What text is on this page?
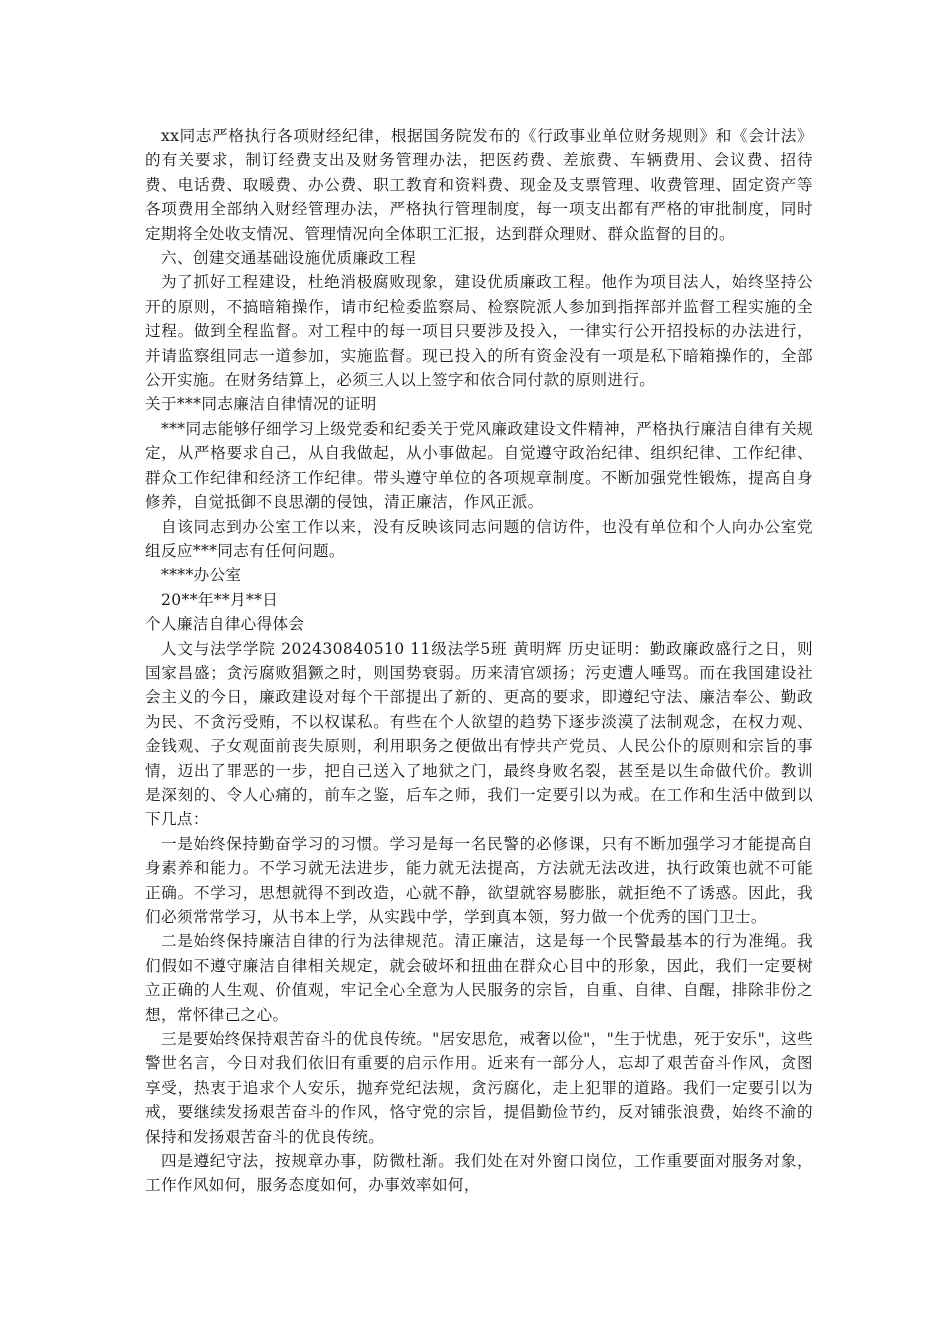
xx同志严格执行各项财经纪律，根据国务院发布的《行政事业单位财务规则》和《会计法》的有关要求，制订经费支出及财务管理办法，把医药费、差旅费、车辆费用、会议费、招待费、电话费、取暖费、办公费、职工教育和资料费、现金及支票管理、收费管理、固定资产等各项费用全部纳入财经管理办法，严格执行管理制度，每一项支出都有严格的审批制度，同时定期将全处收支情况、管理情况向全体职工汇报，达到群众理财、群众监督的目的。

六、创建交通基础设施优质廉政工程

为了抓好工程建设，杜绝消极腐败现象，建设优质廉政工程。他作为项目法人，始终坚持公开的原则，不搞暗箱操作，请市纪检委监察局、检察院派人参加到指挥部并监督工程实施的全过程。做到全程监督。对工程中的每一项目只要涉及投入，一律实行公开招投标的办法进行，并请监察组同志一道参加，实施监督。现已投入的所有资金没有一项是私下暗箱操作的，全部公开实施。在财务结算上，必须三人以上签字和依合同付款的原则进行。

关于***同志廉洁自律情况的证明

***同志能够仔细学习上级党委和纪委关于党风廉政建设文件精神，严格执行廉洁自律有关规定，从严格要求自己，从自我做起，从小事做起。自觉遵守政治纪律、组织纪律、工作纪律、群众工作纪律和经济工作纪律。带头遵守单位的各项规章制度。不断加强党性锻炼，提高自身修养，自觉抵御不良思潮的侵蚀，清正廉洁，作风正派。

自该同志到办公室工作以来，没有反映该同志问题的信访件，也没有单位和个人向办公室党组反应***同志有任何问题。

****办公室

20**年**月**日

个人廉洁自律心得体会

人文与法学学院 202430840510 11级法学5班 黄明辉 历史证明：勤政廉政盛行之日，则国家昌盛；贪污腐败猖獗之时，则国势衰弱。历来清官颂扬；污吏遭人唾骂。而在我国建设社会主义的今日，廉政建设对每个干部提出了新的、更高的要求，即遵纪守法、廉洁奉公、勤政为民、不贪污受贿，不以权谋私。有些在个人欲望的趋势下逐步淡漠了法制观念，在权力观、金钱观、子女观面前丧失原则，利用职务之便做出有悖共产党员、人民公仆的原则和宗旨的事情，迈出了罪恶的一步，把自己送入了地狱之门，最终身败名裂，甚至是以生命做代价。教训是深刻的、令人心痛的，前车之鉴，后车之师，我们一定要引以为戒。在工作和生活中做到以下几点：

一是始终保持勤奋学习的习惯。学习是每一名民警的必修课，只有不断加强学习才能提高自身素养和能力。不学习就无法进步，能力就无法提高，方法就无法改进，执行政策也就不可能正确。不学习，思想就得不到改造，心就不静，欲望就容易膨胀，就拒绝不了诱惑。因此，我们必须常常学习，从书本上学，从实践中学，学到真本领，努力做一个优秀的国门卫士。

二是始终保持廉洁自律的行为法律规范。清正廉洁，这是每一个民警最基本的行为准绳。我们假如不遵守廉洁自律相关规定，就会破坏和扭曲在群众心目中的形象，因此，我们一定要树立正确的人生观、价值观，牢记全心全意为人民服务的宗旨，自重、自律、自醒，排除非份之想，常怀律己之心。

三是要始终保持艰苦奋斗的优良传统。"居安思危，戒奢以俭"，"生于忧患，死于安乐"，这些警世名言，今日对我们依旧有重要的启示作用。近来有一部分人，忘却了艰苦奋斗作风，贪图享受，热衷于追求个人安乐，抛弃党纪法规，贪污腐化，走上犯罪的道路。我们一定要引以为戒，要继续发扬艰苦奋斗的作风，恪守党的宗旨，提倡勤俭节约，反对铺张浪费，始终不渝的保持和发扬艰苦奋斗的优良传统。

四是遵纪守法，按规章办事，防微杜渐。我们处在对外窗口岗位，工作重要面对服务对象，工作作风如何，服务态度如何，办事效率如何，
